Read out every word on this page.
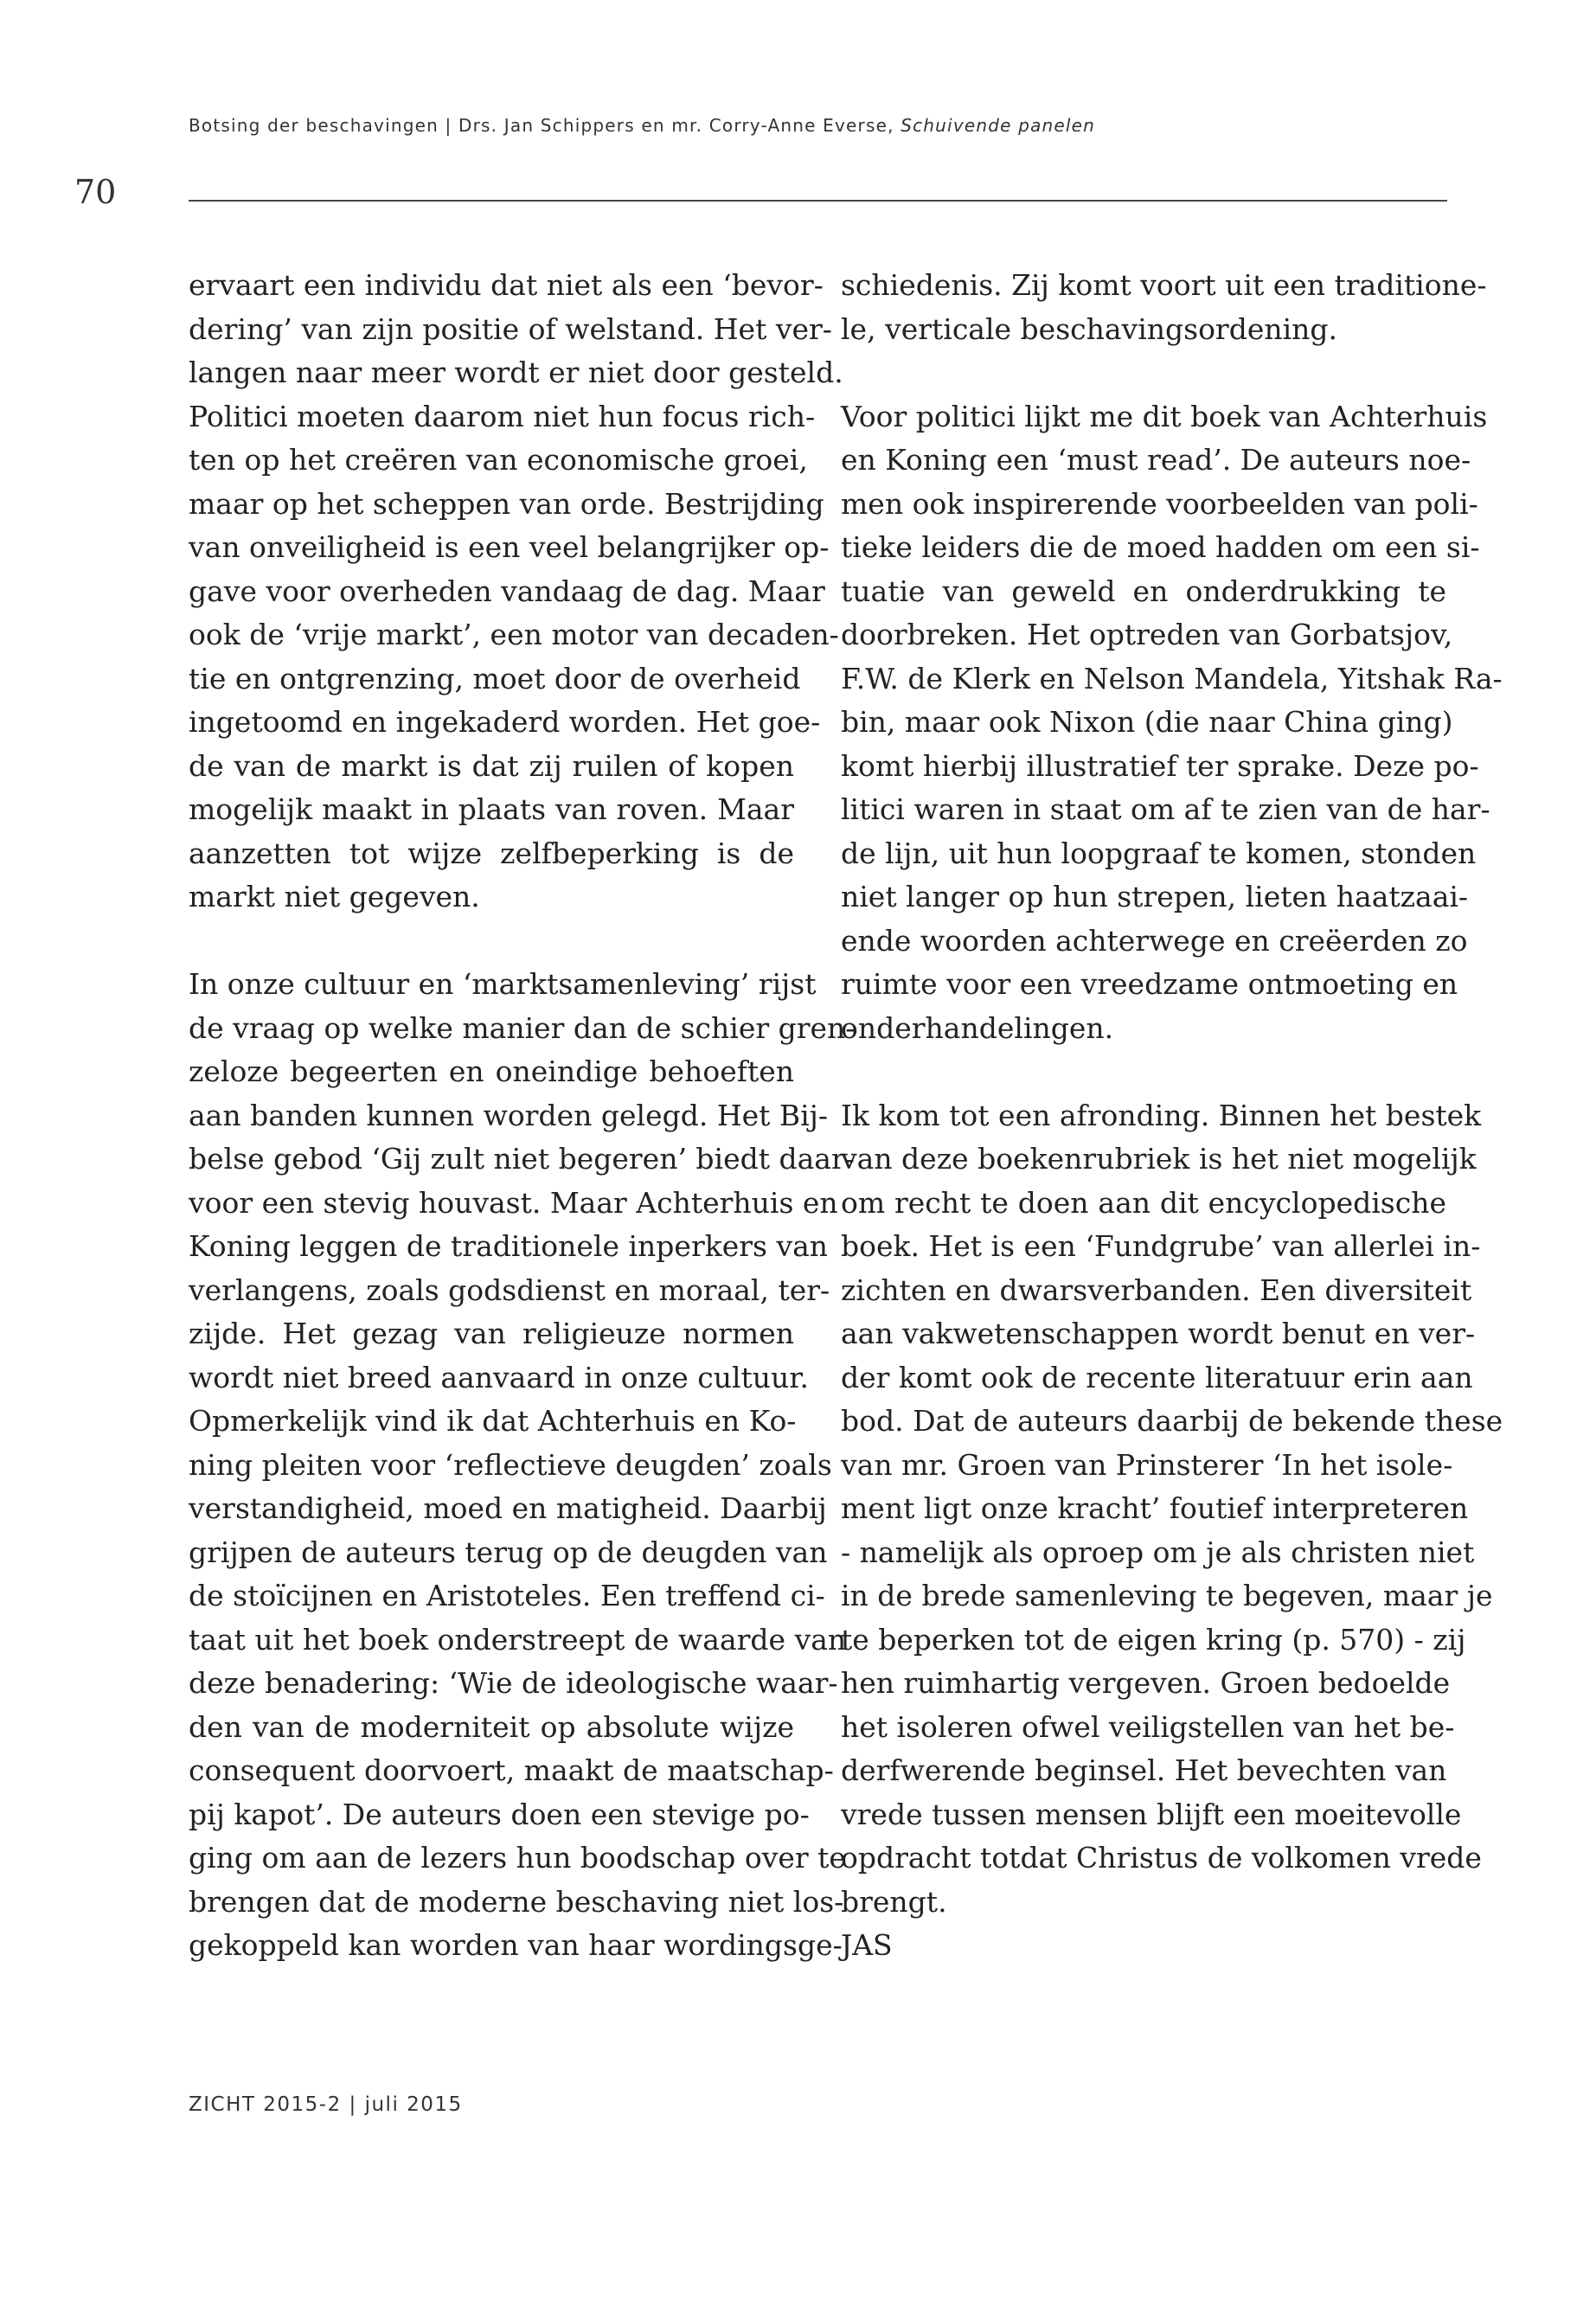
Botsing der beschavingen | Drs. Jan Schippers en mr. Corry-Anne Everse, Schuivende panelen
70
ervaart een individu dat niet als een ‘bevor-
dering’ van zijn positie of welstand. Het ver-
langen naar meer wordt er niet door gesteld.
Politici moeten daarom niet hun focus rich-
ten op het creëren van economische groei,
maar op het scheppen van orde. Bestrijding
van onveiligheid is een veel belangrijker op-
gave voor overheden vandaag de dag. Maar
ook de ‘vrije markt’, een motor van decaden-
tie en ontgrenzing, moet door de overheid
ingetoomd en ingekaderd worden. Het goe-
de van de markt is dat zij ruilen of kopen
mogelijk maakt in plaats van roven. Maar
aanzetten tot wijze zelfbeperking is de
markt niet gegeven.
In onze cultuur en ‘marktsamenleving’ rijst
de vraag op welke manier dan de schier gren-
zeloze begeerten en oneindige behoeften
aan banden kunnen worden gelegd. Het Bij-
belse gebod ‘Gij zult niet begeren’ biedt daar-
voor een stevig houvast. Maar Achterhuis en
Koning leggen de traditionele inperkers van
verlangens, zoals godsdienst en moraal, ter-
zijde. Het gezag van religieuze normen
wordt niet breed aanvaard in onze cultuur.
Opmerkelijk vind ik dat Achterhuis en Ko-
ning pleiten voor ‘reflectieve deugden’ zoals
verstandigheid, moed en matigheid. Daarbij
grijpen de auteurs terug op de deugden van
de stoïcijnen en Aristoteles. Een treffend ci-
taat uit het boek onderstreept de waarde van
deze benadering: ‘Wie de ideologische waar-
den van de moderniteit op absolute wijze
consequent doorvoert, maakt de maatschap-
pij kapot’. De auteurs doen een stevige po-
ging om aan de lezers hun boodschap over te
brengen dat de moderne beschaving niet los-
gekoppeld kan worden van haar wordingsge-
schiedenis. Zij komt voort uit een traditione-
le, verticale beschavingsordening.
Voor politici lijkt me dit boek van Achterhuis
en Koning een ‘must read’. De auteurs noe-
men ook inspirerende voorbeelden van poli-
tieke leiders die de moed hadden om een si-
tuatie van geweld en onderdrukking te
doorbreken. Het optreden van Gorbatsjov,
F.W. de Klerk en Nelson Mandela, Yitshak Ra-
bin, maar ook Nixon (die naar China ging)
komt hierbij illustratief ter sprake. Deze po-
litici waren in staat om af te zien van de har-
de lijn, uit hun loopgraaf te komen, stonden
niet langer op hun strepen, lieten haatzaai-
ende woorden achterwege en creëerden zo
ruimte voor een vreedzame ontmoeting en
onderhandelingen.
Ik kom tot een afronding. Binnen het bestek
van deze boekenrubriek is het niet mogelijk
om recht te doen aan dit encyclopedische
boek. Het is een ‘Fundgrube’ van allerlei in-
zichten en dwarsverbanden. Een diversiteit
aan vakwetenschappen wordt benut en ver-
der komt ook de recente literatuur erin aan
bod. Dat de auteurs daarbij de bekende these
van mr. Groen van Prinsterer ‘In het isole-
ment ligt onze kracht’ foutief interpreteren
- namelijk als oproep om je als christen niet
in de brede samenleving te begeven, maar je
te beperken tot de eigen kring (p. 570) - zij
hen ruimhartig vergeven. Groen bedoelde
het isoleren ofwel veiligstellen van het be-
derfwerende beginsel. Het bevechten van
vrede tussen mensen blijft een moeitevolle
opdracht totdat Christus de volkomen vrede
brengt.
JAS
ZICHT 2015-2 | juli 2015
